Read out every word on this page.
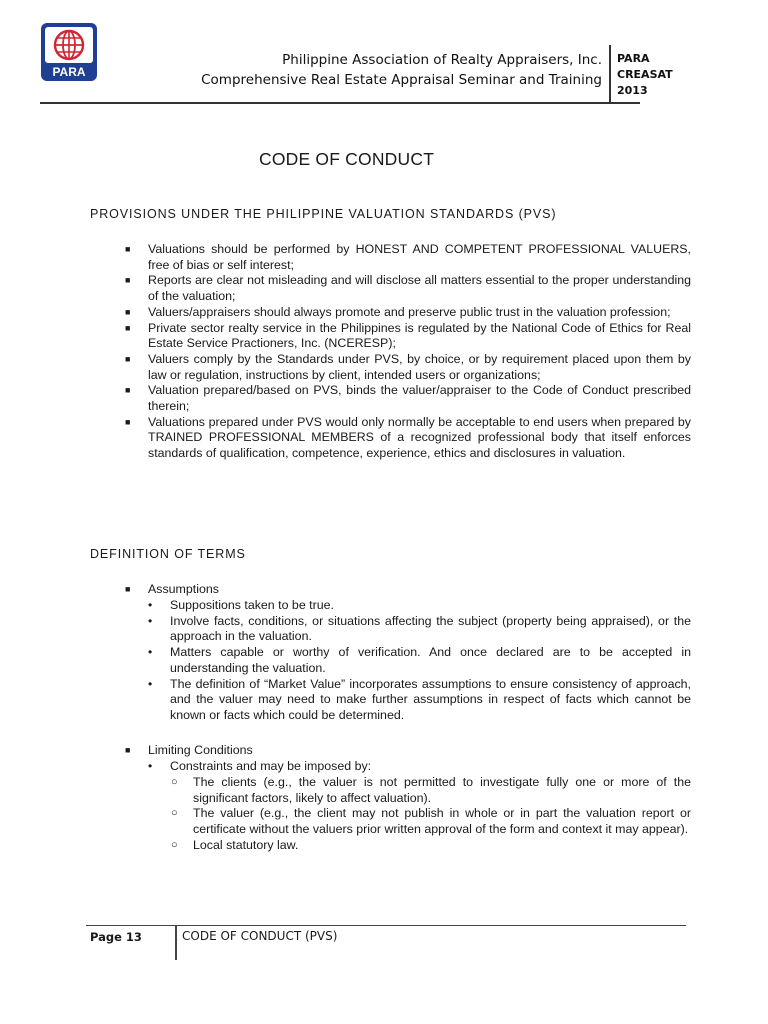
PARA
Philippine Association of Realty Appraisers, Inc.
Comprehensive Real Estate Appraisal Seminar and Training
PARA
CREASAT
2013
CODE OF CONDUCT
PROVISIONS UNDER THE PHILIPPINE VALUATION STANDARDS (PVS)
■ Valuations should be performed by HONEST AND COMPETENT PROFESSIONAL VALUERS, free of bias or self interest;
■ Reports are clear not misleading and will disclose all matters essential to the proper understanding of the valuation;
■ Valuers/appraisers should always promote and preserve public trust in the valuation profession;
■ Private sector realty service in the Philippines is regulated by the National Code of Ethics for Real Estate Service Practioners, Inc. (NCERESP);
■ Valuers comply by the Standards under PVS, by choice, or by requirement placed upon them by law or regulation, instructions by client, intended users or organizations;
■ Valuation prepared/based on PVS, binds the valuer/appraiser to the Code of Conduct prescribed therein;
■ Valuations prepared under PVS would only normally be acceptable to end users when prepared by TRAINED PROFESSIONAL MEMBERS of a recognized professional body that itself enforces standards of qualification, competence, experience, ethics and disclosures in valuation.
DEFINITION OF TERMS
■ Assumptions
• Suppositions taken to be true.
• Involve facts, conditions, or situations affecting the subject (property being appraised), or the approach in the valuation.
• Matters capable or worthy of verification. And once declared are to be accepted in understanding the valuation.
• The definition of “Market Value” incorporates assumptions to ensure consistency of approach, and the valuer may need to make further assumptions in respect of facts which cannot be known or facts which could be determined.
■ Limiting Conditions
• Constraints and may be imposed by:
○ The clients (e.g., the valuer is not permitted to investigate fully one or more of the significant factors, likely to affect valuation).
○ The valuer (e.g., the client may not publish in whole or in part the valuation report or certificate without the valuers prior written approval of the form and context it may appear).
○ Local statutory law.
Page 13	CODE OF CONDUCT (PVS)
